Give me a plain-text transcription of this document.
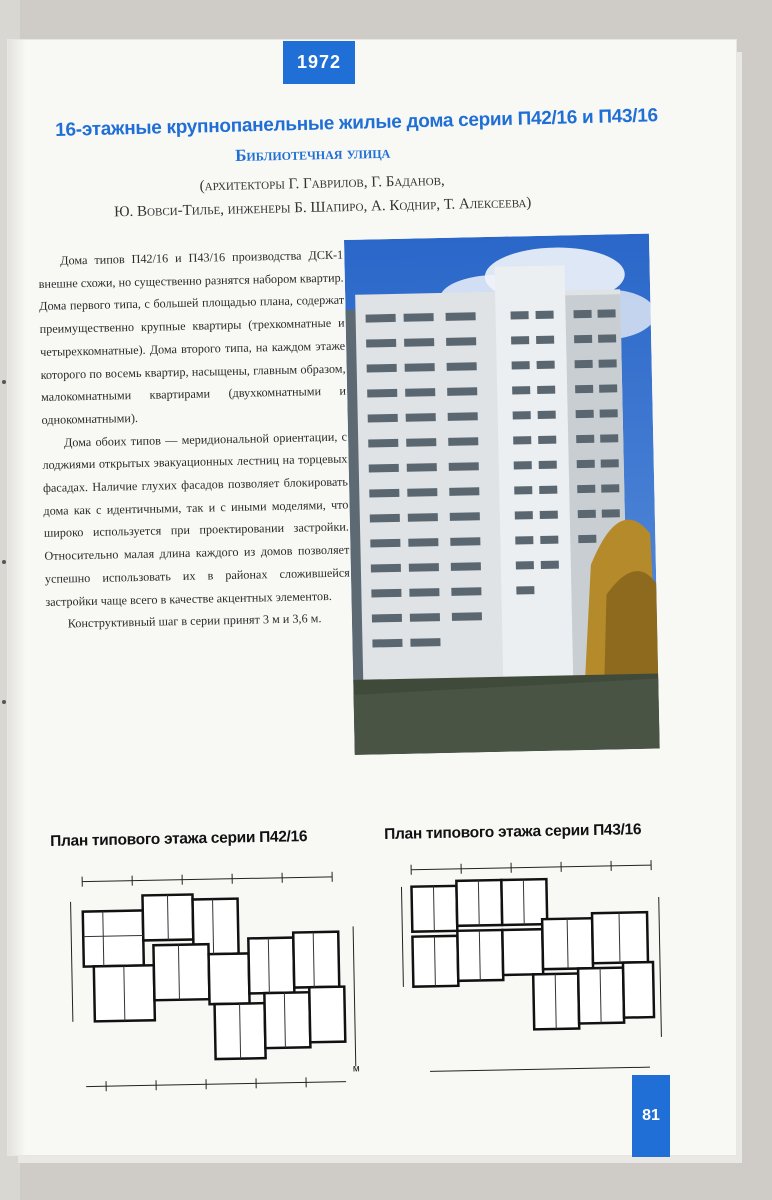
1972
16-этажные крупнопанельные жилые дома серии П42/16 и П43/16
Библиотечная улица
(архитекторы Г. Гаврилов, Г. Баданов,
Ю. Вовси-Тилье, инженеры Б. Шапиро, А. Коднир, Т. Алексеева)

Дома типов П42/16 и П43/16 производства ДСК-1 внешне схожи, но существенно разнятся набором квартир. Дома первого типа, с большей площадью плана, содержат преимущественно крупные квартиры (трехкомнатные и четырехкомнатные). Дома второго типа, на каждом этаже которого по восемь квартир, насыщены, главным образом, малокомнатными квартирами (двухкомнатными и однокомнатными).

Дома обоих типов — меридиональной ориентации, с лоджиями открытых эвакуационных лестниц на торцевых фасадах. Наличие глухих фасадов позволяет блокировать дома как с идентичными, так и с иными моделями, что широко используется при проектировании застройки. Относительно малая длина каждого из домов позволяет успешно использовать их в районах сложившейся застройки чаще всего в качестве акцентных элементов.

Конструктивный шаг в серии принят 3 м и 3,6 м.

План типового этажа серии П42/16	План типового этажа серии П43/16
м
81
